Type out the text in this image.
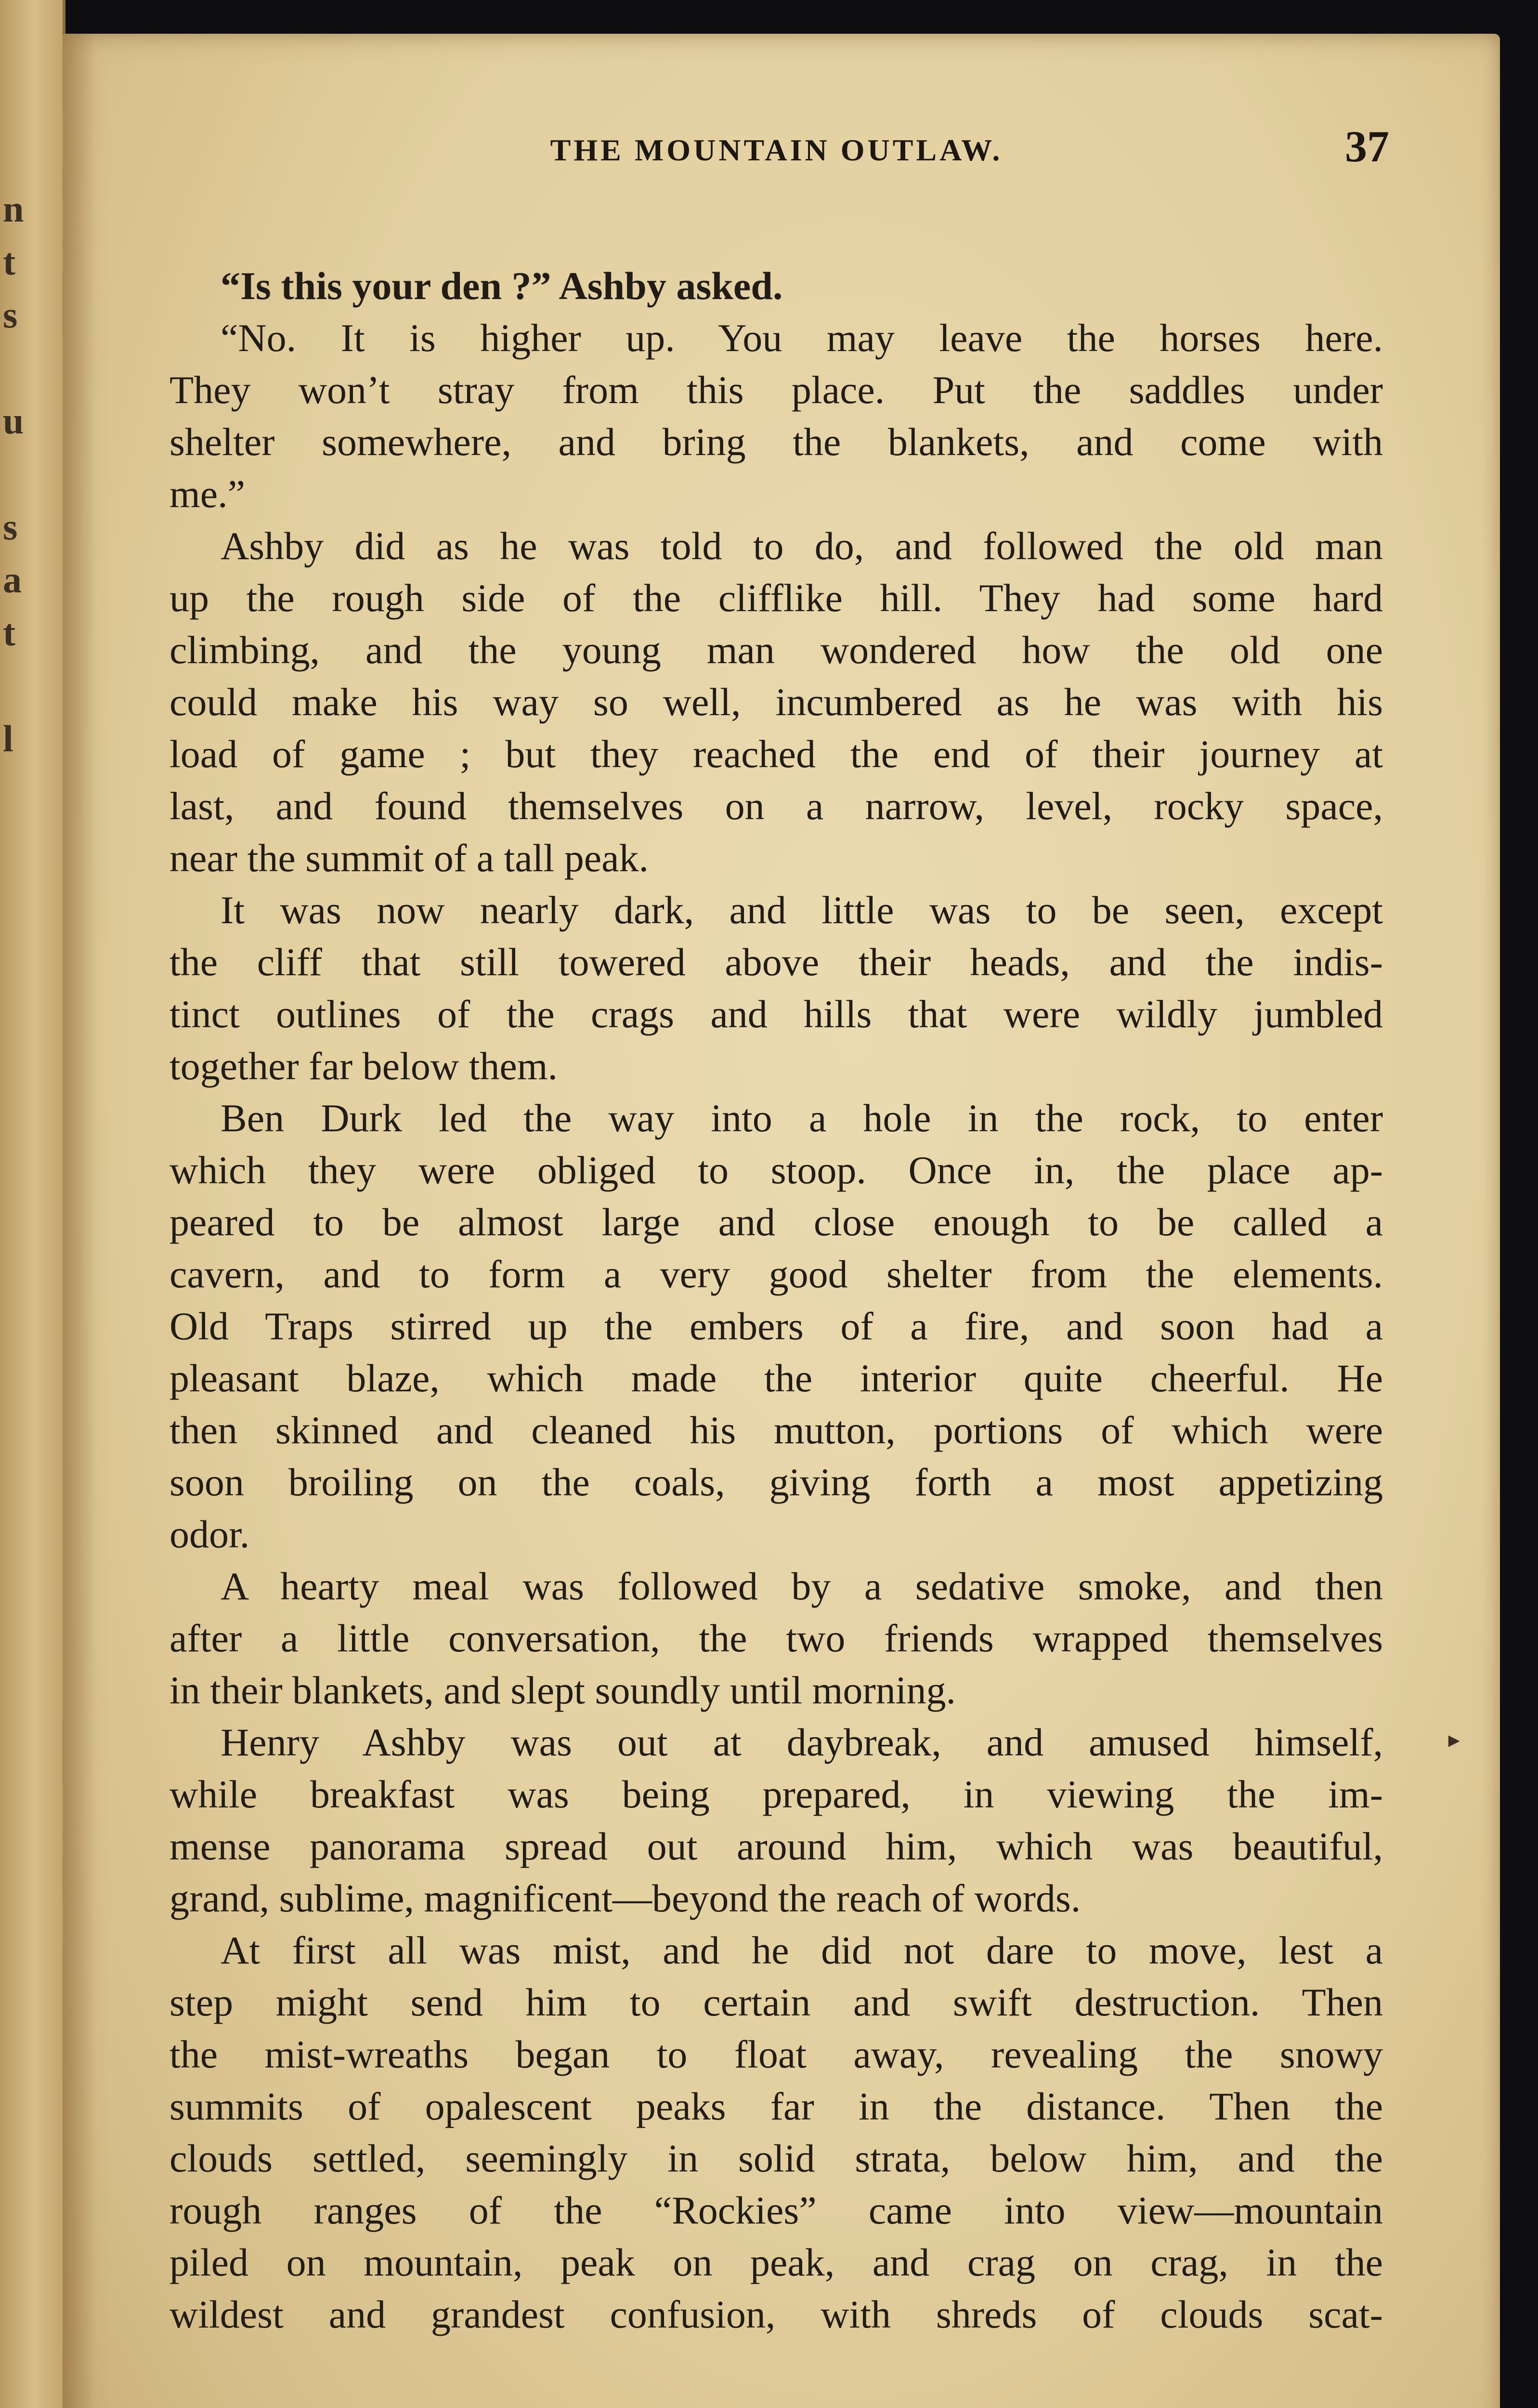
n
t
s
u
s
a
t
l
THE MOUNTAIN OUTLAW.	37
“Is this your den ?” Ashby asked.
“No. It is higher up. You may leave the horses here.
They won’t stray from this place. Put the saddles under
shelter somewhere, and bring the blankets, and come with
me.”
Ashby did as he was told to do, and followed the old man
up the rough side of the clifflike hill. They had some hard
climbing, and the young man wondered how the old one
could make his way so well, incumbered as he was with his
load of game ; but they reached the end of their journey at
last, and found themselves on a narrow, level, rocky space,
near the summit of a tall peak.
It was now nearly dark, and little was to be seen, except
the cliff that still towered above their heads, and the indis-
tinct outlines of the crags and hills that were wildly jumbled
together far below them.
Ben Durk led the way into a hole in the rock, to enter
which they were obliged to stoop. Once in, the place ap-
peared to be almost large and close enough to be called a
cavern, and to form a very good shelter from the elements.
Old Traps stirred up the embers of a fire, and soon had a
pleasant blaze, which made the interior quite cheerful. He
then skinned and cleaned his mutton, portions of which were
soon broiling on the coals, giving forth a most appetizing
odor.
A hearty meal was followed by a sedative smoke, and then
after a little conversation, the two friends wrapped themselves
in their blankets, and slept soundly until morning.
Henry Ashby was out at daybreak, and amused himself,
while breakfast was being prepared, in viewing the im-
mense panorama spread out around him, which was beautiful,
grand, sublime, magnificent—beyond the reach of words.
At first all was mist, and he did not dare to move, lest a
step might send him to certain and swift destruction. Then
the mist-wreaths began to float away, revealing the snowy
summits of opalescent peaks far in the distance. Then the
clouds settled, seemingly in solid strata, below him, and the
rough ranges of the “Rockies” came into view—mountain
piled on mountain, peak on peak, and crag on crag, in the
wildest and grandest confusion, with shreds of clouds scat-
►
